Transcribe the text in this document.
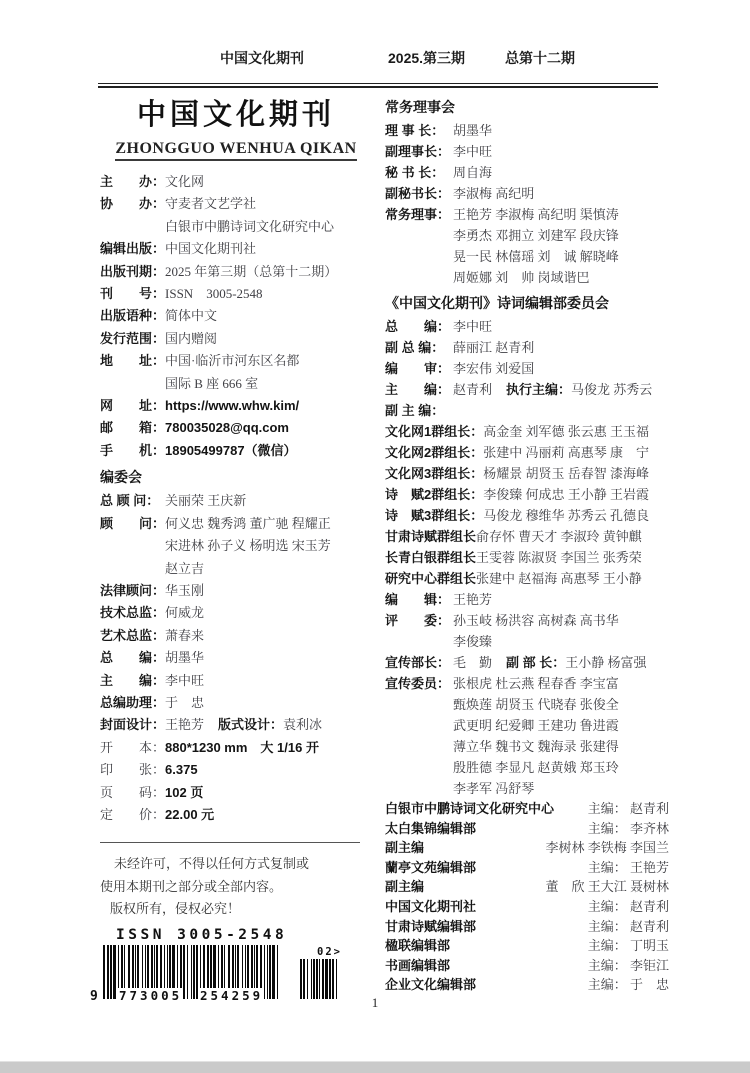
中国文化期刊	2025.第三期	总第十二期
中国文化期刊
ZHONGGUO WENHUA QIKAN
主　　办：文化网
协　　办：守麦者文艺学社
白银市中鹏诗词文化研究中心
编辑出版：中国文化期刊社
出版刊期：2025 年第三期（总第十二期）
刊　　号：ISSN　3005-2548
出版语种：简体中文
发行范围：国内赠阅
地　　址：中国·临沂市河东区名都
国际 B 座 666 室
网　　址：https://www.whw.kim/
邮　　箱：780035028@qq.com
手　　机：18905499787（微信）
编委会
总 顾 问： 关丽荣 王庆新
顾　　问：何义忠 魏秀鸿 董广驰 程耀正
宋进林 孙子义 杨明选 宋玉芳
赵立吉
法律顾问：华玉刚
技术总监：何威龙
艺术总监：萧春来
总　　编：胡墨华
主　　编：李中旺
总编助理：于　忠
封面设计：王艳芳 版式设计：袁利冰
开　　本：880*1230 mm　大 1/16 开
印　　张：6.375
页　　码：102 页
定　　价：22.00 元
未经许可，不得以任何方式复制或
使用本期刊之部分或全部内容。
版权所有，侵权必究！
ISSN 3005-2548
9 773005 254259
02>
常务理事会
理 事 长： 胡墨华
副理事长： 李中旺
秘 书 长： 周自海
副秘书长： 李淑梅 高纪明
常务理事： 王艳芳 李淑梅 高纪明 渠慎涛
李勇杰 邓拥立 刘建军 段庆锋
晃一民 林僖瑶 刘　诚 解晓峰
周姬娜 刘　帅 岗域谐巴
《中国文化期刊》诗词编辑部委员会
总　　编： 李中旺
副 总 编： 薛丽江 赵青利
编　　审： 李宏伟 刘爱国
主　　编： 赵青利 执行主编：马俊龙 苏秀云
副 主 编：
文化网1群组长：高金奎 刘军德 张云惠 王玉福
文化网2群组长：张建中 冯丽莉 高惠琴 康　宁
文化网3群组长：杨耀景 胡贤玉 岳春智 漆海峰
诗　赋2群组长：李俊臻 何成忠 王小静 王岩霞
诗　赋3群组长：马俊龙 穆维华 苏秀云 孔德良
甘肃诗赋群组长俞存怀 曹天才 李淑玲 黄钟麒
长青白银群组长王雯蓉 陈淑贤 李国兰 张秀荣
研究中心群组长张建中 赵福海 高惠琴 王小静
编　　辑： 王艳芳
评　　委： 孙玉岐 杨洪容 高树森 高书华
李俊臻
宣传部长： 毛　勤 副 部 长：王小静 杨富强
宣传委员： 张根虎 杜云燕 程春香 李宝富
甄焕莲 胡贤玉 代晓春 张俊全
武更明 纪爱卿 王建功 鲁进霞
薄立华 魏书文 魏海录 张建得
殷胜德 李显凡 赵黄娥 郑玉玲
李孝军 冯舒琴
白银市中鹏诗词文化研究中心	主编： 赵青利
太白集锦编辑部	主编： 李齐林
副主编	李树林 李铁梅 李国兰
蘭亭文苑编辑部	主编： 王艳芳
副主编	董　欣 王大江 聂树林
中国文化期刊社	主编： 赵青利
甘肃诗赋编辑部	主编： 赵青利
楹联编辑部	主编： 丁明玉
书画编辑部	主编： 李钜江
企业文化编辑部	主编： 于　忠
1
